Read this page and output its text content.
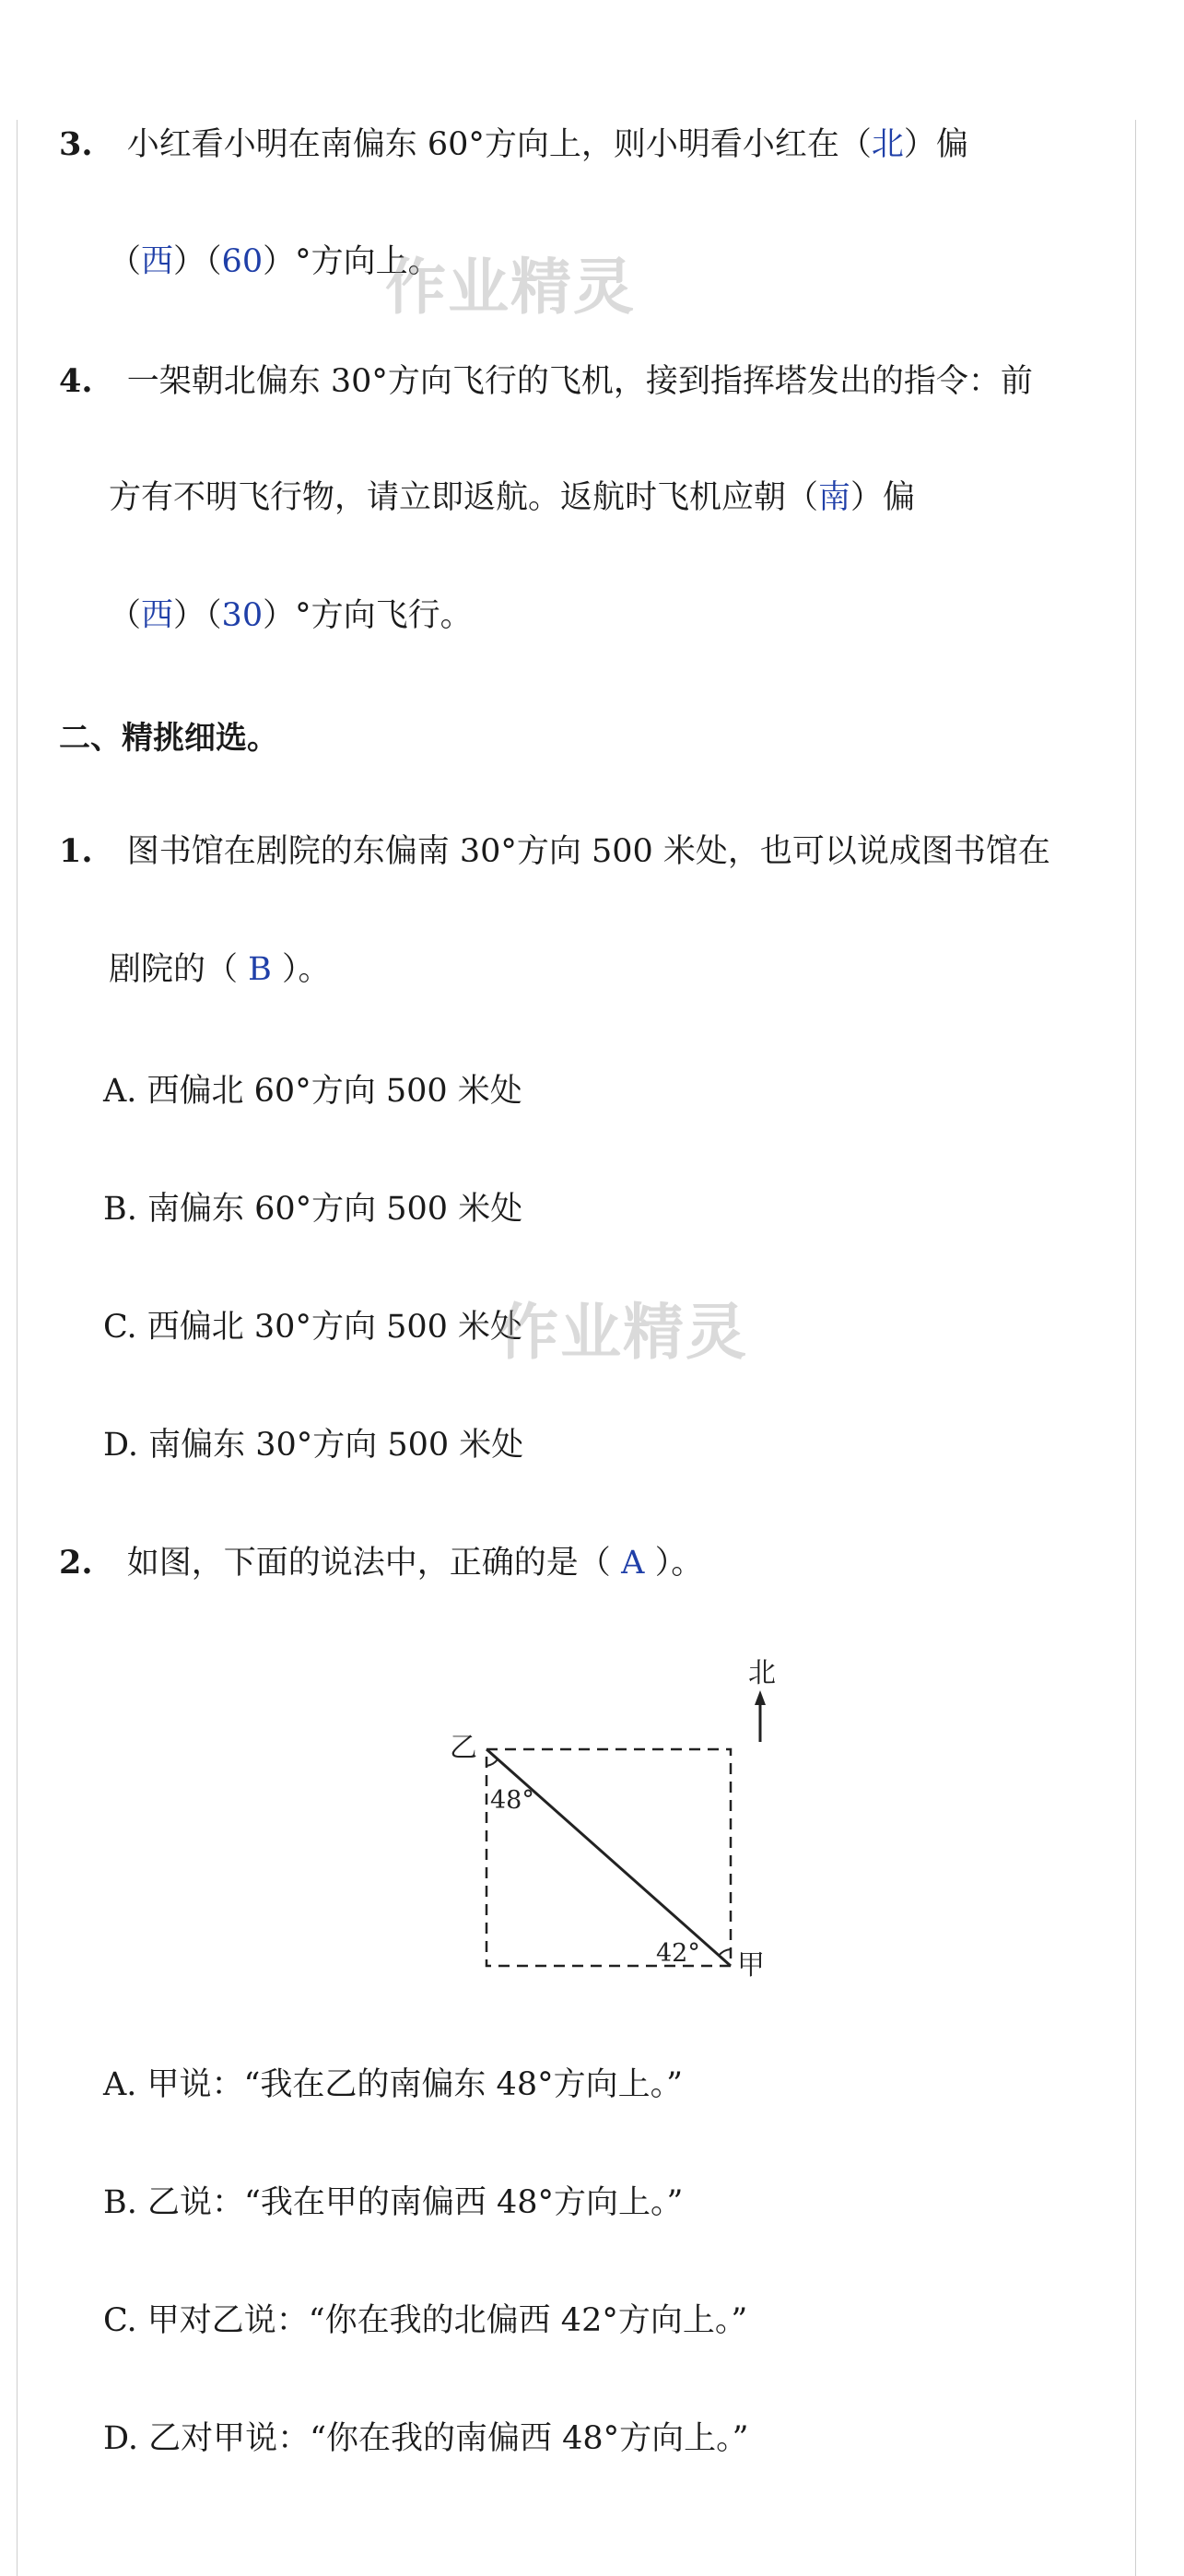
3. 小红看小明在南偏东 60°方向上，则小明看小红在（北）偏
（西）（60）°方向上。
作业精灵
4. 一架朝北偏东 30°方向飞行的飞机，接到指挥塔发出的指令：前
方有不明飞行物，请立即返航。返航时飞机应朝（南）偏
（西）（30）°方向飞行。
二、精挑细选。
1. 图书馆在剧院的东偏南 30°方向 500 米处，也可以说成图书馆在
剧院的（ B ）。
A. 西偏北 60°方向 500 米处
B. 南偏东 60°方向 500 米处
C. 西偏北 30°方向 500 米处
D. 南偏东 30°方向 500 米处
作业精灵
2. 如图，下面的说法中，正确的是（ A ）。
北
乙
甲
48°
42°
A. 甲说：“我在乙的南偏东 48°方向上。”
B. 乙说：“我在甲的南偏西 48°方向上。”
C. 甲对乙说：“你在我的北偏西 42°方向上。”
D. 乙对甲说：“你在我的南偏西 48°方向上。”
